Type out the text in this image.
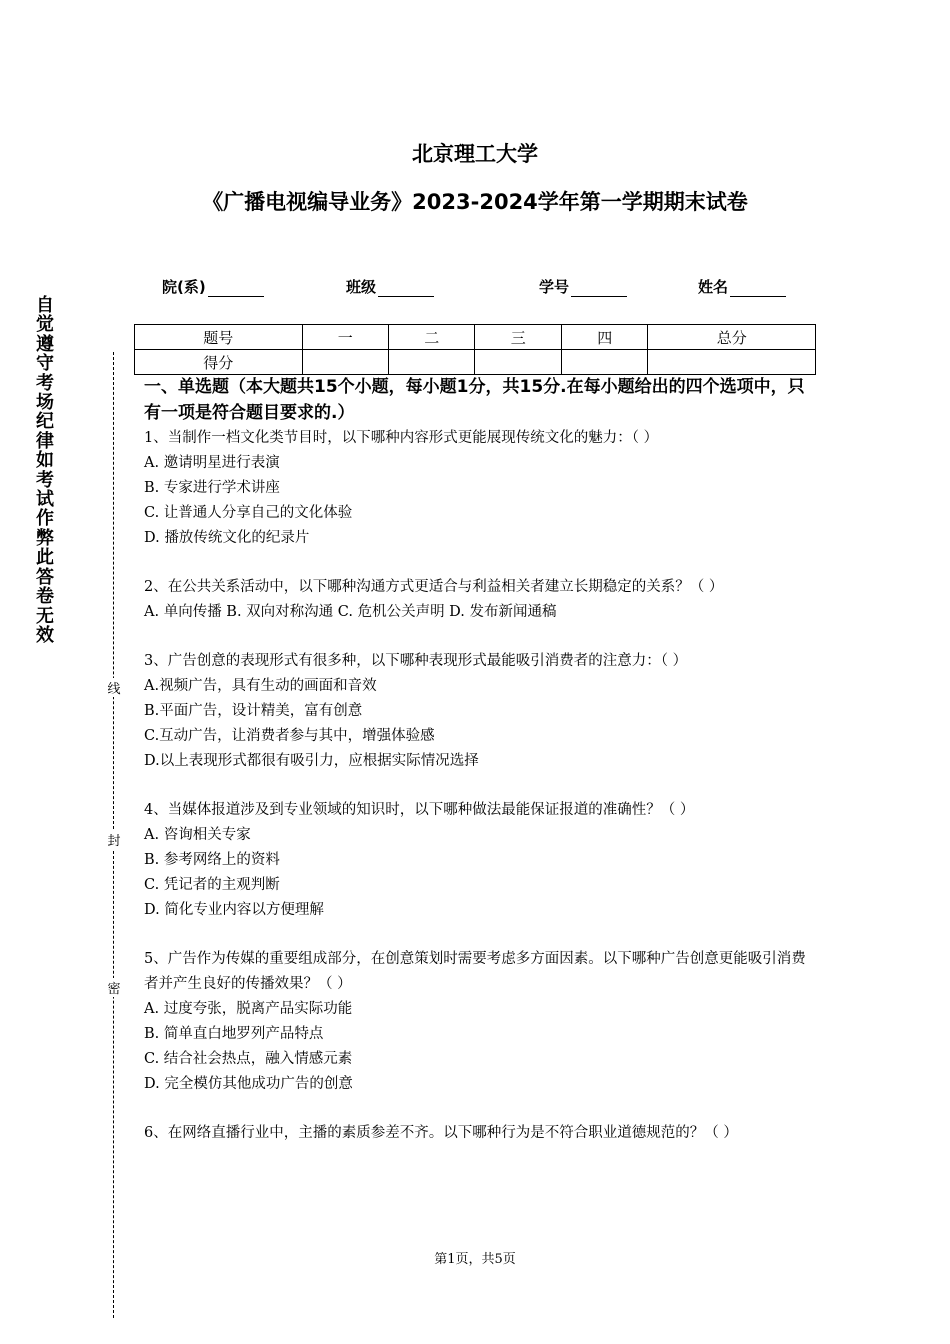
北京理工大学
《广播电视编导业务》2023-2024学年第一学期期末试卷
院(系)	班级	学号	姓名
题号	一	二	三	四	总分
得分					
自觉遵守考场纪律如考试作弊此答卷无效
线
封
密
一、单选题（本大题共15个小题，每小题1分，共15分.在每小题给出的四个选项中，只有一项是符合题目要求的.）

1、当制作一档文化类节目时，以下哪种内容形式更能展现传统文化的魅力：（ ）

A. 邀请明星进行表演

B. 专家进行学术讲座

C. 让普通人分享自己的文化体验

D. 播放传统文化的纪录片

2、在公共关系活动中，以下哪种沟通方式更适合与利益相关者建立长期稳定的关系？（ ）

A. 单向传播 B. 双向对称沟通 C. 危机公关声明 D. 发布新闻通稿

3、广告创意的表现形式有很多种，以下哪种表现形式最能吸引消费者的注意力：（ ）

A.视频广告，具有生动的画面和音效

B.平面广告，设计精美，富有创意

C.互动广告，让消费者参与其中，增强体验感

D.以上表现形式都很有吸引力，应根据实际情况选择

4、当媒体报道涉及到专业领域的知识时，以下哪种做法最能保证报道的准确性？（ ）

A. 咨询相关专家

B. 参考网络上的资料

C. 凭记者的主观判断

D. 简化专业内容以方便理解

5、广告作为传媒的重要组成部分，在创意策划时需要考虑多方面因素。以下哪种广告创意更能吸引消费者并产生良好的传播效果？（ ）

A. 过度夸张，脱离产品实际功能

B. 简单直白地罗列产品特点

C. 结合社会热点，融入情感元素

D. 完全模仿其他成功广告的创意

6、在网络直播行业中，主播的素质参差不齐。以下哪种行为是不符合职业道德规范的？（ ）

第1页，共5页
